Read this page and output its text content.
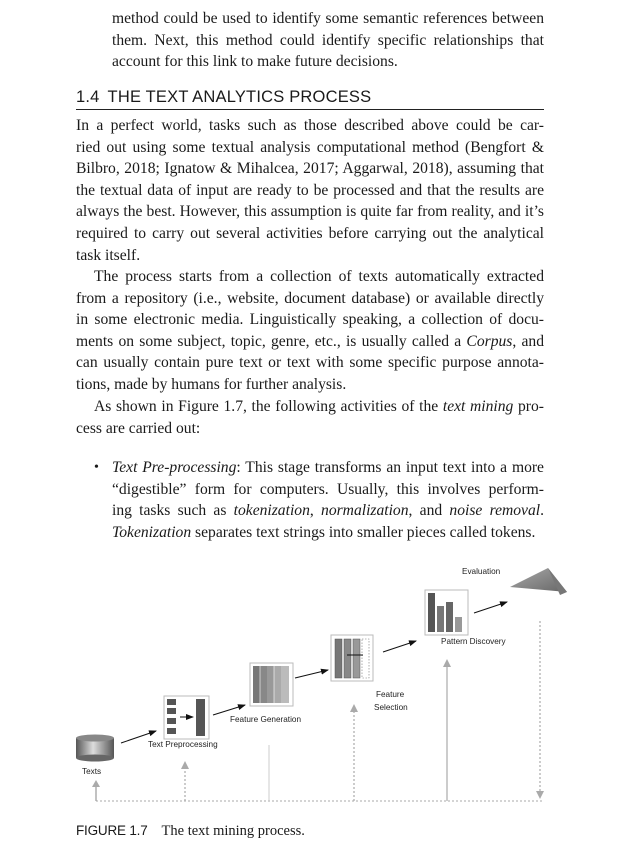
method could be used to identify some semantic references between
them. Next, this method could identify specific relationships that
account for this link to make future decisions.
1.4 THE TEXT ANALYTICS PROCESS
In a perfect world, tasks such as those described above could be car-
ried out using some textual analysis computational method (Bengfort &
Bilbro, 2018; Ignatow & Mihalcea, 2017; Aggarwal, 2018), assuming that
the textual data of input are ready to be processed and that the results are
always the best. However, this assumption is quite far from reality, and it’s
required to carry out several activities before carrying out the analytical
task itself.
The process starts from a collection of texts automatically extracted
from a repository (i.e., website, document database) or available directly
in some electronic media. Linguistically speaking, a collection of docu-
ments on some subject, topic, genre, etc., is usually called a Corpus, and
can usually contain pure text or text with some specific purpose annota-
tions, made by humans for further analysis.
As shown in Figure 1.7, the following activities of the text mining pro-
cess are carried out:
• Text Pre-processing: This stage transforms an input text into a more
“digestible” form for computers. Usually, this involves perform-
ing tasks such as tokenization, normalization, and noise removal.
Tokenization separates text strings into smaller pieces called tokens.
Texts
Text Preprocessing
Feature Generation
Feature
Selection
Pattern Discovery
Evaluation
FIGURE 1.7 The text mining process.
